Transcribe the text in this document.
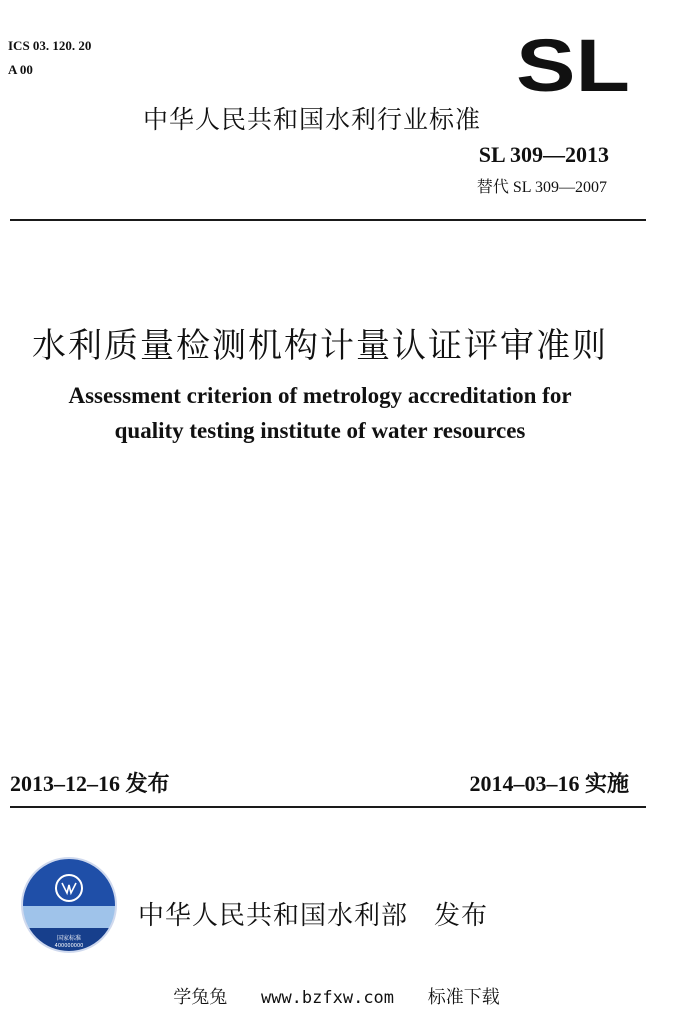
ICS 03. 120. 20
A 00	SL
中华人民共和国水利行业标准
SL 309—2013
替代 SL 309—2007
水利质量检测机构计量认证评审准则
Assessment criterion of metrology accreditation for
quality testing institute of water resources
2013–12–16 发布	2014–03–16 实施
国家标准
400000000
中华人民共和国水利部 发布
学兔兔 www.bzfxw.com 标准下载
